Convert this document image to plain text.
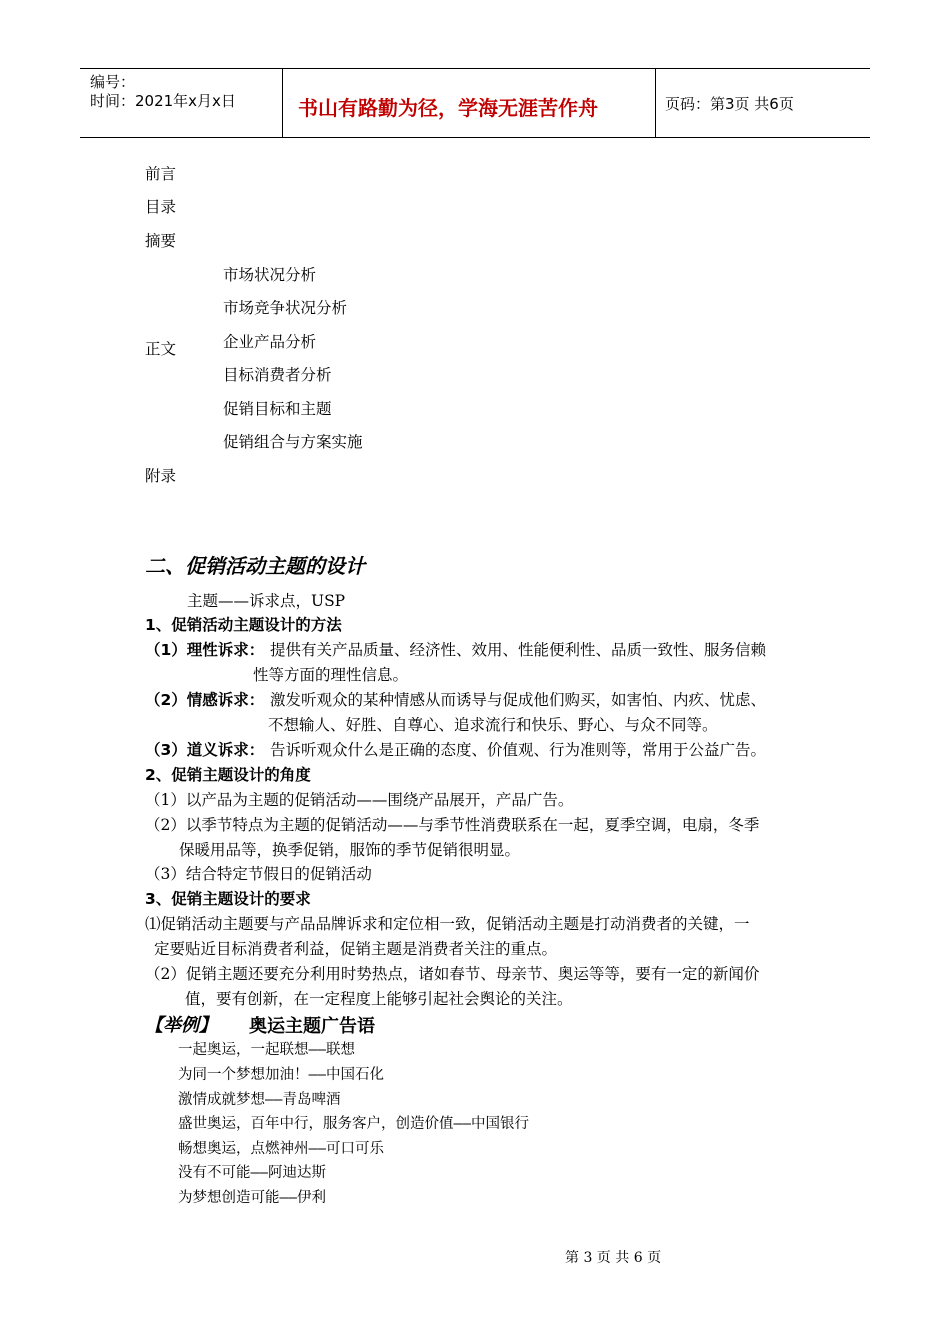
编号：
时间：2021年x月x日	书山有路勤为径，学海无涯苦作舟	页码：第3页 共6页
前言
目录
摘要
市场状况分析
市场竞争状况分析
企业产品分析
正文
目标消费者分析
促销目标和主题
促销组合与方案实施
附录
二、促销活动主题的设计
主题——诉求点，USP
1、促销活动主题设计的方法
（1）理性诉求： 提供有关产品质量、经济性、效用、性能便利性、品质一致性、服务信赖
性等方面的理性信息。
（2）情感诉求： 激发听观众的某种情感从而诱导与促成他们购买，如害怕、内疚、忧虑、
不想输人、好胜、自尊心、追求流行和快乐、野心、与众不同等。
（3）道义诉求： 告诉听观众什么是正确的态度、价值观、行为准则等，常用于公益广告。
2、促销主题设计的角度
（1）以产品为主题的促销活动——围绕产品展开，产品广告。
（2）以季节特点为主题的促销活动——与季节性消费联系在一起，夏季空调，电扇，冬季
保暖用品等，换季促销，服饰的季节促销很明显。
（3）结合特定节假日的促销活动
3、促销主题设计的要求
⑴促销活动主题要与产品品牌诉求和定位相一致，促销活动主题是打动消费者的关键，一
定要贴近目标消费者利益，促销主题是消费者关注的重点。
（2）促销主题还要充分利用时势热点，诸如春节、母亲节、奥运等等，要有一定的新闻价
值，要有创新，在一定程度上能够引起社会舆论的关注。
【举例】 奥运主题广告语
一起奥运，一起联想——联想
为同一个梦想加油！——中国石化
激情成就梦想——青岛啤酒
盛世奥运，百年中行，服务客户，创造价值——中国银行
畅想奥运，点燃神州——可口可乐
没有不可能——阿迪达斯
为梦想创造可能——伊利
第 3 页 共 6 页
